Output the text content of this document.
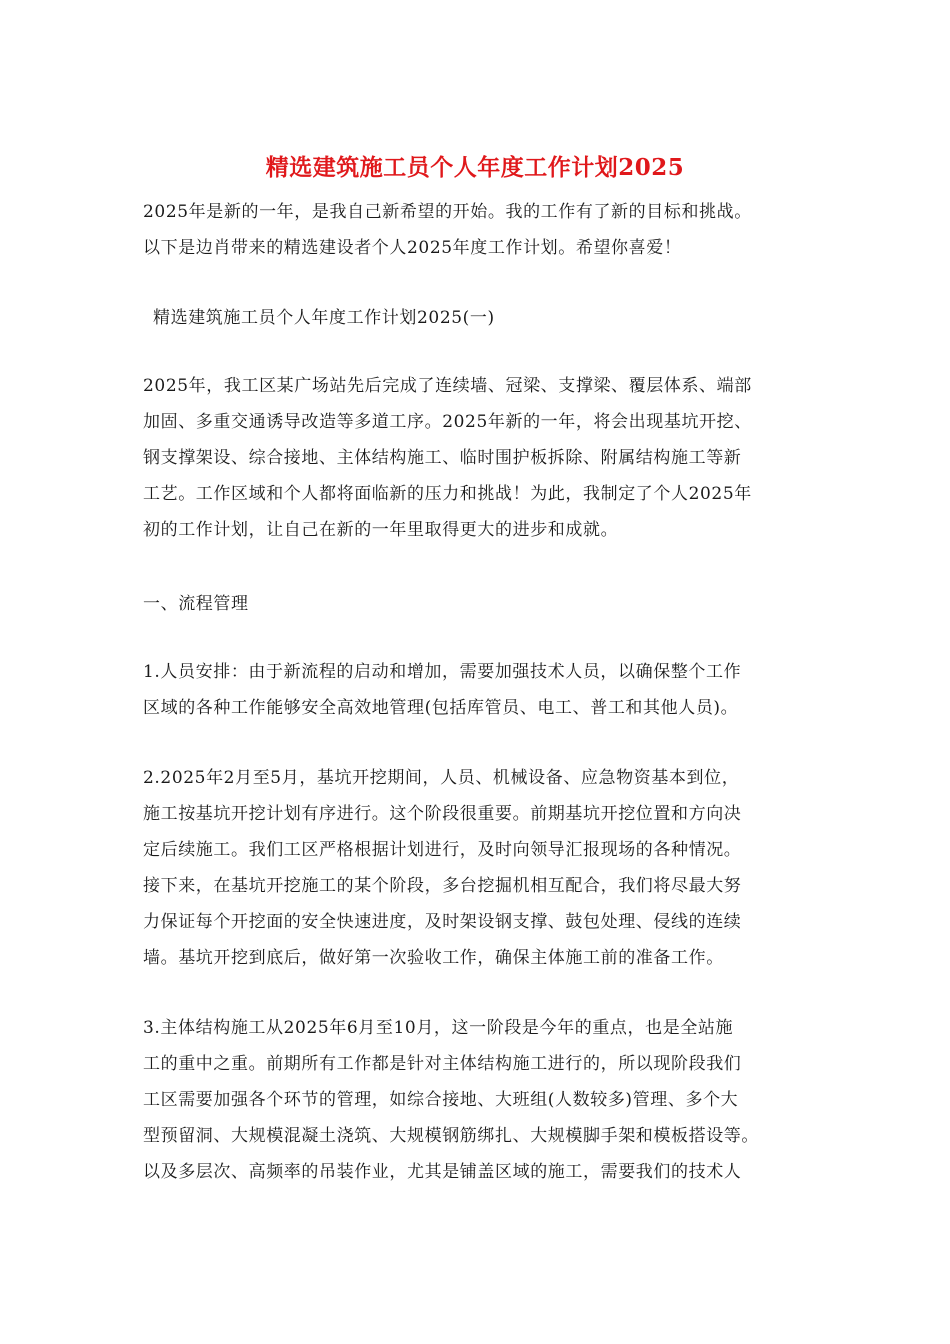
精选建筑施工员个人年度工作计划2025

2025年是新的一年，是我自己新希望的开始。我的工作有了新的目标和挑战。

以下是边肖带来的精选建设者个人2025年度工作计划。希望你喜爱！

精选建筑施工员个人年度工作计划2025(一)

2025年，我工区某广场站先后完成了连续墙、冠梁、支撑梁、覆层体系、端部

加固、多重交通诱导改造等多道工序。2025年新的一年，将会出现基坑开挖、

钢支撑架设、综合接地、主体结构施工、临时围护板拆除、附属结构施工等新

工艺。工作区域和个人都将面临新的压力和挑战！为此，我制定了个人2025年

初的工作计划，让自己在新的一年里取得更大的进步和成就。

一、流程管理

1.人员安排：由于新流程的启动和增加，需要加强技术人员，以确保整个工作

区域的各种工作能够安全高效地管理(包括库管员、电工、普工和其他人员)。

2.2025年2月至5月，基坑开挖期间，人员、机械设备、应急物资基本到位，

施工按基坑开挖计划有序进行。这个阶段很重要。前期基坑开挖位置和方向决

定后续施工。我们工区严格根据计划进行，及时向领导汇报现场的各种情况。

接下来，在基坑开挖施工的某个阶段，多台挖掘机相互配合，我们将尽最大努

力保证每个开挖面的安全快速进度，及时架设钢支撑、鼓包处理、侵线的连续

墙。基坑开挖到底后，做好第一次验收工作，确保主体施工前的准备工作。

3.主体结构施工从2025年6月至10月，这一阶段是今年的重点，也是全站施

工的重中之重。前期所有工作都是针对主体结构施工进行的，所以现阶段我们

工区需要加强各个环节的管理，如综合接地、大班组(人数较多)管理、多个大

型预留洞、大规模混凝土浇筑、大规模钢筋绑扎、大规模脚手架和模板搭设等。

以及多层次、高频率的吊装作业，尤其是铺盖区域的施工，需要我们的技术人
